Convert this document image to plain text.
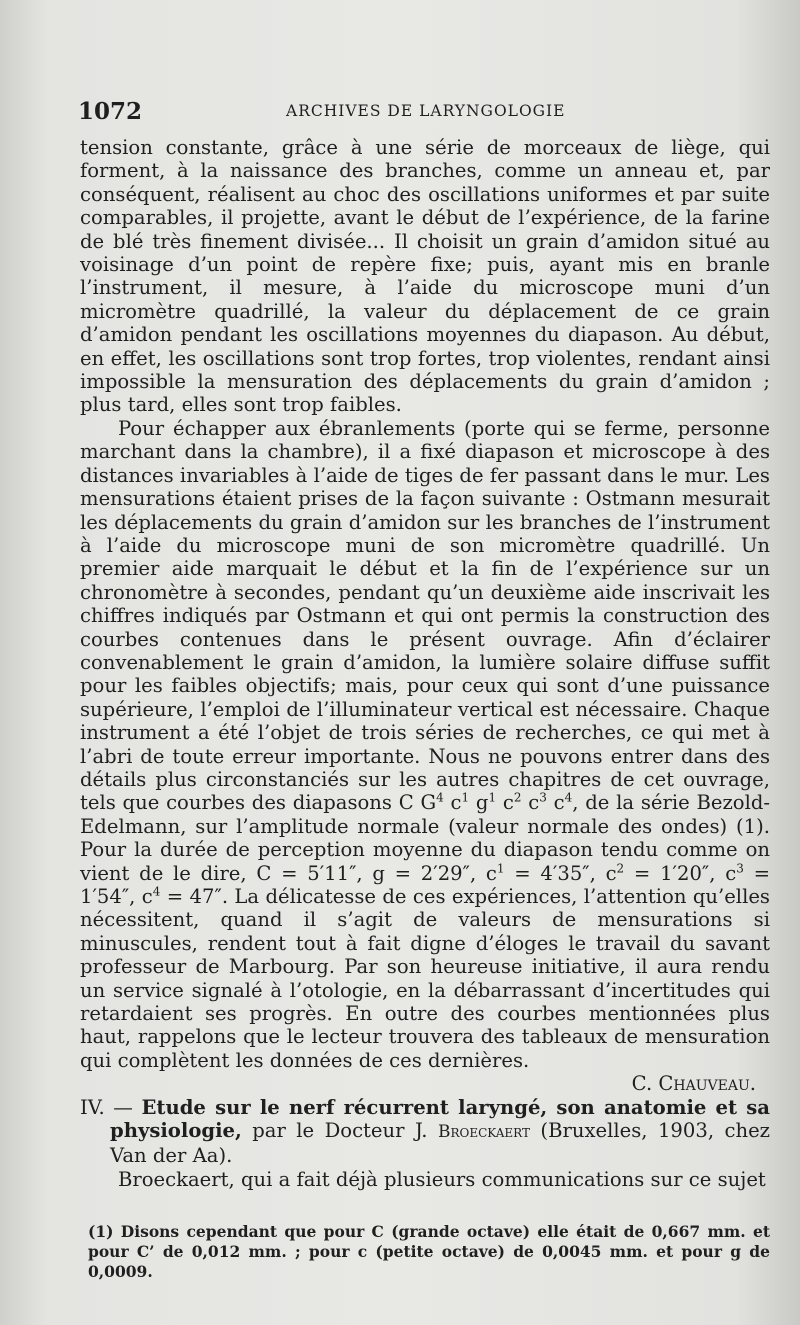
1072	ARCHIVES DE LARYNGOLOGIE

tension constante, grâce à une série de morceaux de liège, qui forment, à la naissance des branches, comme un anneau et, par conséquent, réalisent au choc des oscillations uniformes et par suite comparables, il projette, avant le début de l’expérience, de la farine de blé très finement divisée... Il choisit un grain d’amidon situé au voisinage d’un point de repère fixe; puis, ayant mis en branle l’instrument, il mesure, à l’aide du microscope muni d’un micromètre quadrillé, la valeur du déplacement de ce grain d’amidon pendant les oscillations moyennes du diapason. Au début, en effet, les oscillations sont trop fortes, trop violentes, rendant ainsi impossible la mensuration des déplacements du grain d’amidon ; plus tard, elles sont trop faibles.

Pour échapper aux ébranlements (porte qui se ferme, personne marchant dans la chambre), il a fixé diapason et microscope à des distances invariables à l’aide de tiges de fer passant dans le mur. Les mensurations étaient prises de la façon suivante : Ostmann mesurait les déplacements du grain d’amidon sur les branches de l’instrument à l’aide du microscope muni de son micromètre quadrillé. Un premier aide marquait le début et la fin de l’expérience sur un chronomètre à secondes, pendant qu’un deuxième aide inscrivait les chiffres indiqués par Ostmann et qui ont permis la construction des courbes contenues dans le présent ouvrage. Afin d’éclairer convenablement le grain d’amidon, la lumière solaire diffuse suffit pour les faibles objectifs; mais, pour ceux qui sont d’une puissance supérieure, l’emploi de l’illuminateur vertical est nécessaire. Chaque instrument a été l’objet de trois séries de recherches, ce qui met à l’abri de toute erreur importante. Nous ne pouvons entrer dans des détails plus circonstanciés sur les autres chapitres de cet ouvrage, tels que courbes des diapasons C $G^4$ $c^1$ $g^1$ $c^2$ $c^3$ $c^4$, de la série Bezold-Edelmann, sur l’amplitude normale (valeur normale des ondes) (1). Pour la durée de perception moyenne du diapason tendu comme on vient de le dire, C = 5′11″, g = 2′29″, $c^1 = 4'35''$, $c^2 = 1'20''$, $c^3 = 1'54''$, $c^4 = 47''$. La délicatesse de ces expériences, l’attention qu’elles nécessitent, quand il s’agit de valeurs de mensurations si minuscules, rendent tout à fait digne d’éloges le travail du savant professeur de Marbourg. Par son heureuse initiative, il aura rendu un service signalé à l’otologie, en la débarrassant d’incertitudes qui retardaient ses progrès. En outre des courbes mentionnées plus haut, rappelons que le lecteur trouvera des tableaux de mensuration qui complètent les données de ces dernières.

C. Chauveau.

IV. — Etude sur le nerf récurrent laryngé, son anatomie et sa physiologie, par le Docteur J. Broeckaert (Bruxelles, 1903, chez Van der Aa).

Broeckaert, qui a fait déjà plusieurs communications sur ce sujet

(1) Disons cependant que pour C (grande octave) elle était de 0,667 mm. et pour C’ de 0,012 mm. ; pour c (petite octave) de 0,0045 mm. et pour g de 0,0009.
